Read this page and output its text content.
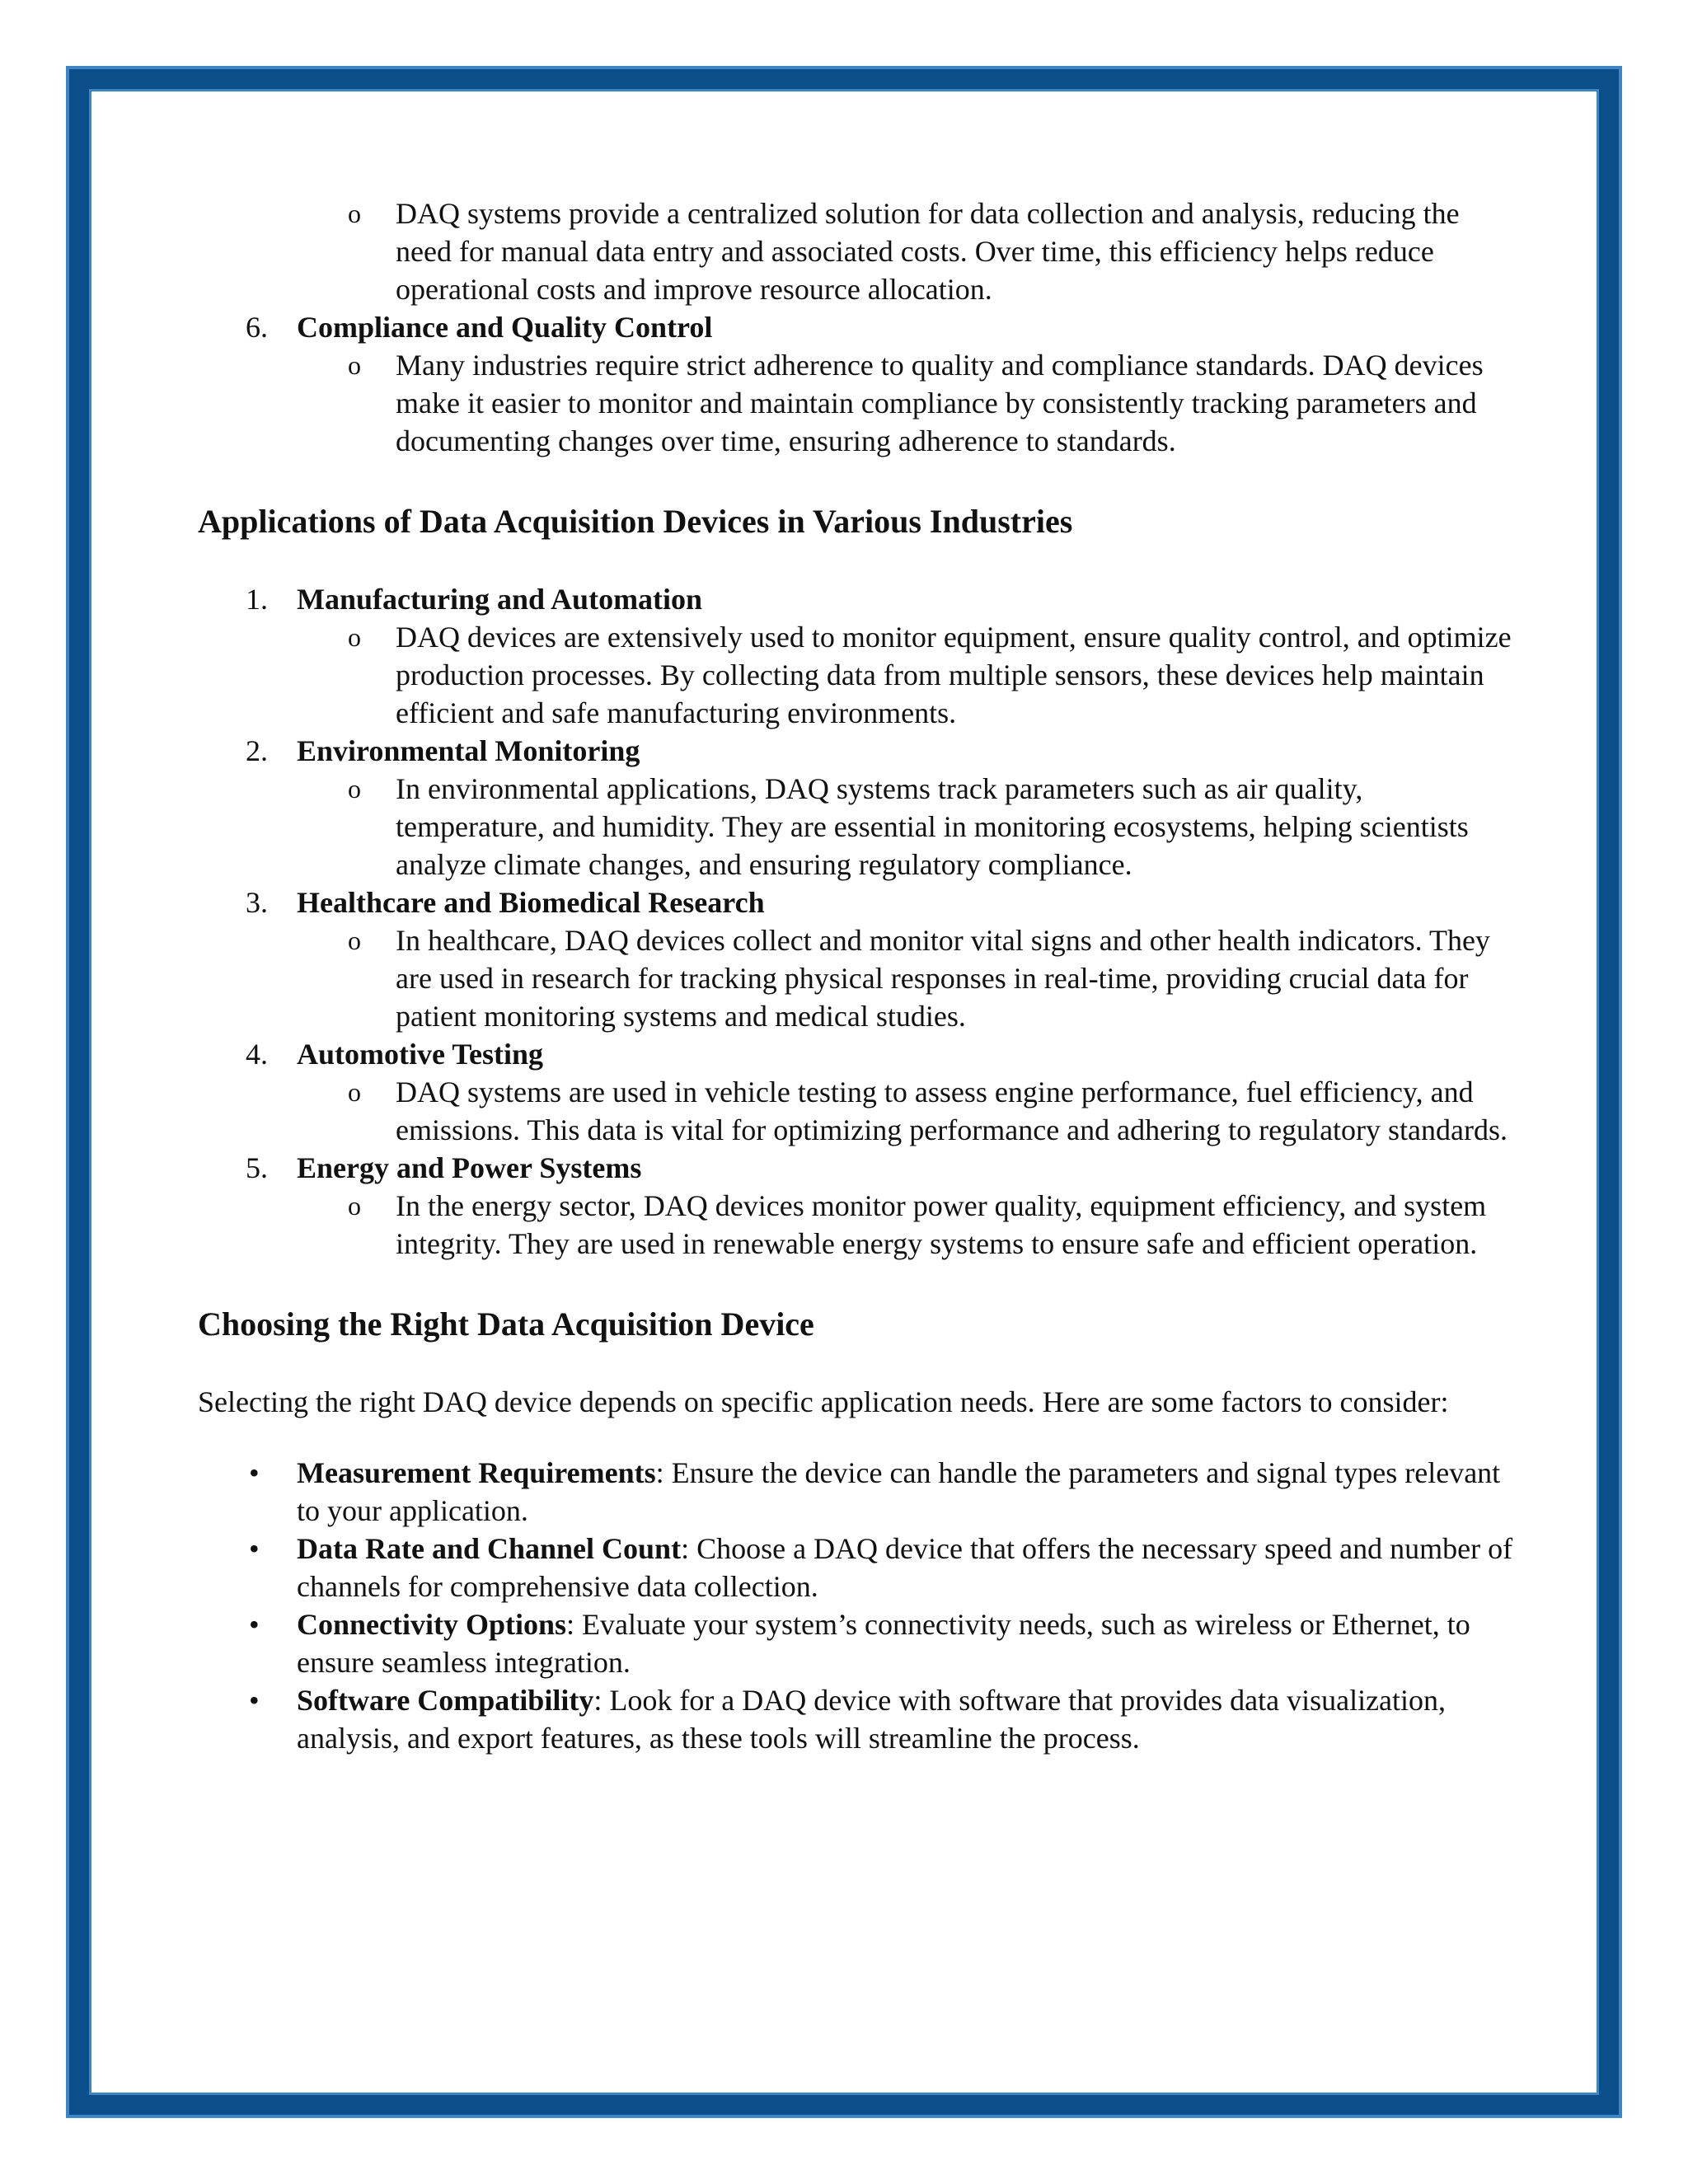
o DAQ systems provide a centralized solution for data collection and analysis, reducing the need for manual data entry and associated costs. Over time, this efficiency helps reduce operational costs and improve resource allocation.
6. Compliance and Quality Control
o Many industries require strict adherence to quality and compliance standards. DAQ devices make it easier to monitor and maintain compliance by consistently tracking parameters and documenting changes over time, ensuring adherence to standards.
Applications of Data Acquisition Devices in Various Industries
1. Manufacturing and Automation
o DAQ devices are extensively used to monitor equipment, ensure quality control, and optimize production processes. By collecting data from multiple sensors, these devices help maintain efficient and safe manufacturing environments.
2. Environmental Monitoring
o In environmental applications, DAQ systems track parameters such as air quality, temperature, and humidity. They are essential in monitoring ecosystems, helping scientists analyze climate changes, and ensuring regulatory compliance.
3. Healthcare and Biomedical Research
o In healthcare, DAQ devices collect and monitor vital signs and other health indicators. They are used in research for tracking physical responses in real-time, providing crucial data for patient monitoring systems and medical studies.
4. Automotive Testing
o DAQ systems are used in vehicle testing to assess engine performance, fuel efficiency, and emissions. This data is vital for optimizing performance and adhering to regulatory standards.
5. Energy and Power Systems
o In the energy sector, DAQ devices monitor power quality, equipment efficiency, and system integrity. They are used in renewable energy systems to ensure safe and efficient operation.
Choosing the Right Data Acquisition Device

Selecting the right DAQ device depends on specific application needs. Here are some factors to consider:

• Measurement Requirements: Ensure the device can handle the parameters and signal types relevant to your application.
• Data Rate and Channel Count: Choose a DAQ device that offers the necessary speed and number of channels for comprehensive data collection.
• Connectivity Options: Evaluate your system’s connectivity needs, such as wireless or Ethernet, to ensure seamless integration.
• Software Compatibility: Look for a DAQ device with software that provides data visualization, analysis, and export features, as these tools will streamline the process.
